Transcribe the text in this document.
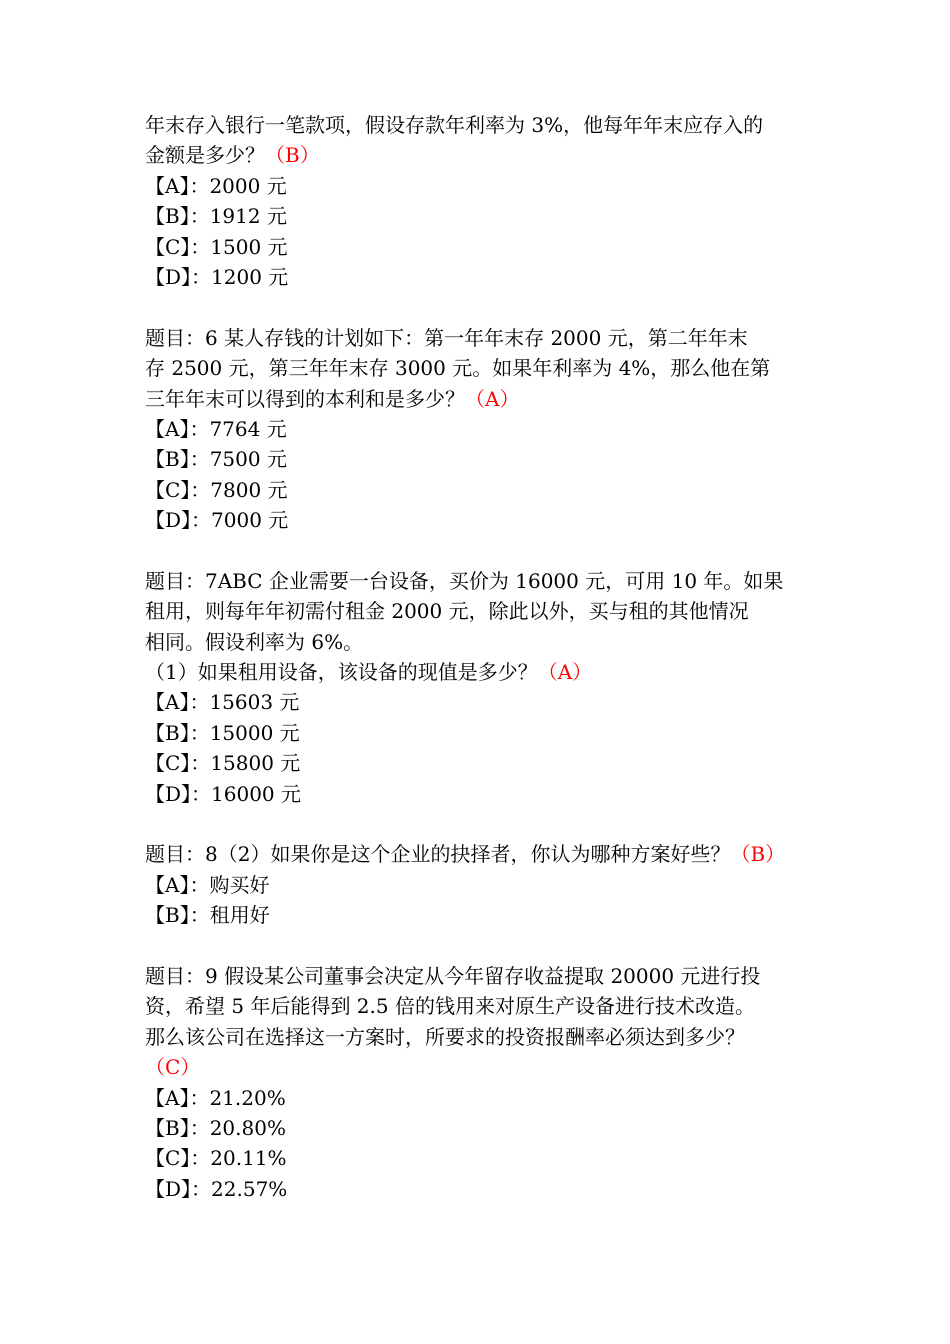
年末存入银行一笔款项，假设存款年利率为 3%，他每年年末应存入的
金额是多少？（B）
【A】：2000 元
【B】：1912 元
【C】：1500 元
【D】：1200 元
题目：6 某人存钱的计划如下：第一年年末存 2000 元，第二年年末
存 2500 元，第三年年末存 3000 元。如果年利率为 4%，那么他在第
三年年末可以得到的本利和是多少？（A）
【A】：7764 元
【B】：7500 元
【C】：7800 元
【D】：7000 元
题目：7ABC 企业需要一台设备，买价为 16000 元，可用 10 年。如果
租用，则每年年初需付租金 2000 元，除此以外，买与租的其他情况
相同。假设利率为 6%。
（1）如果租用设备，该设备的现值是多少？（A）
【A】：15603 元
【B】：15000 元
【C】：15800 元
【D】：16000 元
题目：8（2）如果你是这个企业的抉择者，你认为哪种方案好些？（B）
【A】：购买好
【B】：租用好
题目：9 假设某公司董事会决定从今年留存收益提取 20000 元进行投
资，希望 5 年后能得到 2.5 倍的钱用来对原生产设备进行技术改造。
那么该公司在选择这一方案时，所要求的投资报酬率必须达到多少？
（C）
【A】：21.20%
【B】：20.80%
【C】：20.11%
【D】：22.57%
